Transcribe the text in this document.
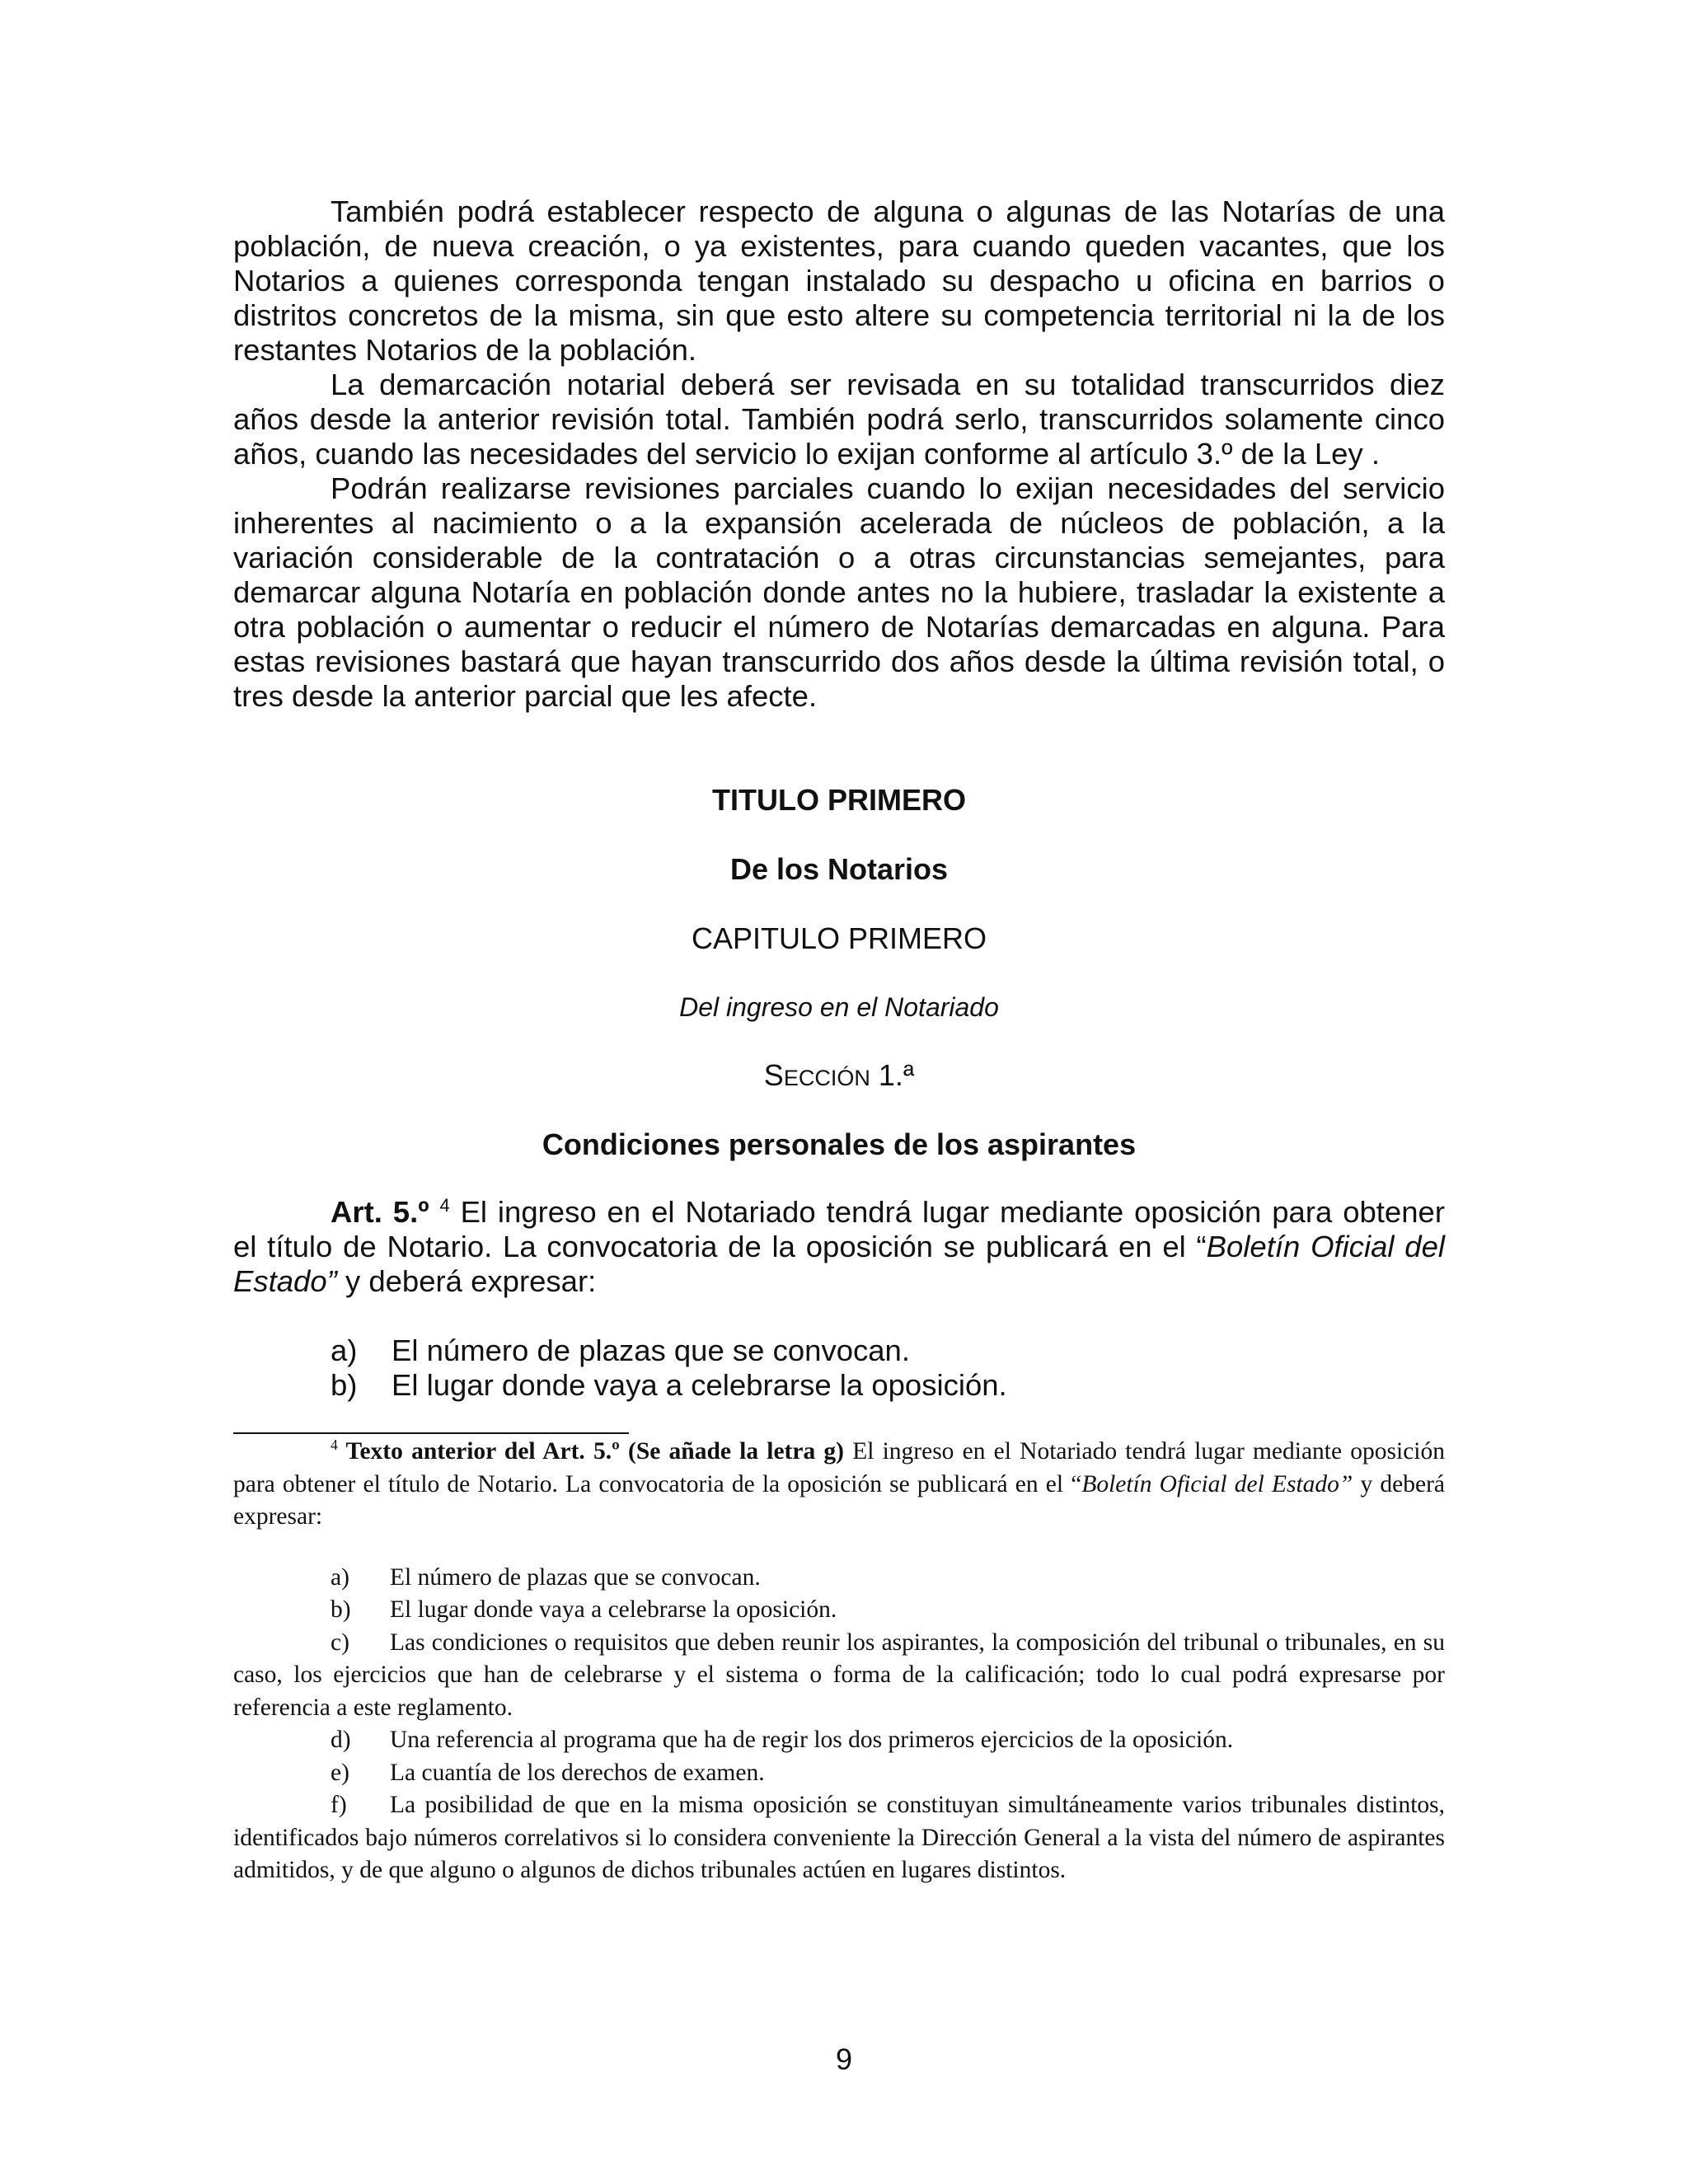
También podrá establecer respecto de alguna o algunas de las Notarías de una población, de nueva creación, o ya existentes, para cuando queden vacantes, que los Notarios a quienes corresponda tengan instalado su despacho u oficina en barrios o distritos concretos de la misma, sin que esto altere su competencia territorial ni la de los restantes Notarios de la población.

La demarcación notarial deberá ser revisada en su totalidad transcurridos diez años desde la anterior revisión total. También podrá serlo, transcurridos solamente cinco años, cuando las necesidades del servicio lo exijan conforme al artículo 3.º de la Ley .

Podrán realizarse revisiones parciales cuando lo exijan necesidades del servicio inherentes al nacimiento o a la expansión acelerada de núcleos de población, a la variación considerable de la contratación o a otras circunstancias semejantes, para demarcar alguna Notaría en población donde antes no la hubiere, trasladar la existente a otra población o aumentar o reducir el número de Notarías demarcadas en alguna. Para estas revisiones bastará que hayan transcurrido dos años desde la última revisión total, o tres desde la anterior parcial que les afecte.

TITULO PRIMERO
De los Notarios
CAPITULO PRIMERO
Del ingreso en el Notariado
SECCIÓN 1.ª
Condiciones personales de los aspirantes

Art. 5.º $^4$ El ingreso en el Notariado tendrá lugar mediante oposición para obtener el título de Notario. La convocatoria de la oposición se publicará en el “Boletín Oficial del Estado” y deberá expresar:

a)	El número de plazas que se convocan.
b)	El lugar donde vaya a celebrarse la oposición.

$^4$ Texto anterior del Art. 5.º (Se añade la letra g) El ingreso en el Notariado tendrá lugar mediante oposición para obtener el título de Notario. La convocatoria de la oposición se publicará en el “Boletín Oficial del Estado” y deberá expresar:

a)	El número de plazas que se convocan.
b)	El lugar donde vaya a celebrarse la oposición.
c) Las condiciones o requisitos que deben reunir los aspirantes, la composición del tribunal o tribunales, en su caso, los ejercicios que han de celebrarse y el sistema o forma de la calificación; todo lo cual podrá expresarse por referencia a este reglamento.
d)	Una referencia al programa que ha de regir los dos primeros ejercicios de la oposición.
e)	La cuantía de los derechos de examen.
f) La posibilidad de que en la misma oposición se constituyan simultáneamente varios tribunales distintos, identificados bajo números correlativos si lo considera conveniente la Dirección General a la vista del número de aspirantes admitidos, y de que alguno o algunos de dichos tribunales actúen en lugares distintos.
9
